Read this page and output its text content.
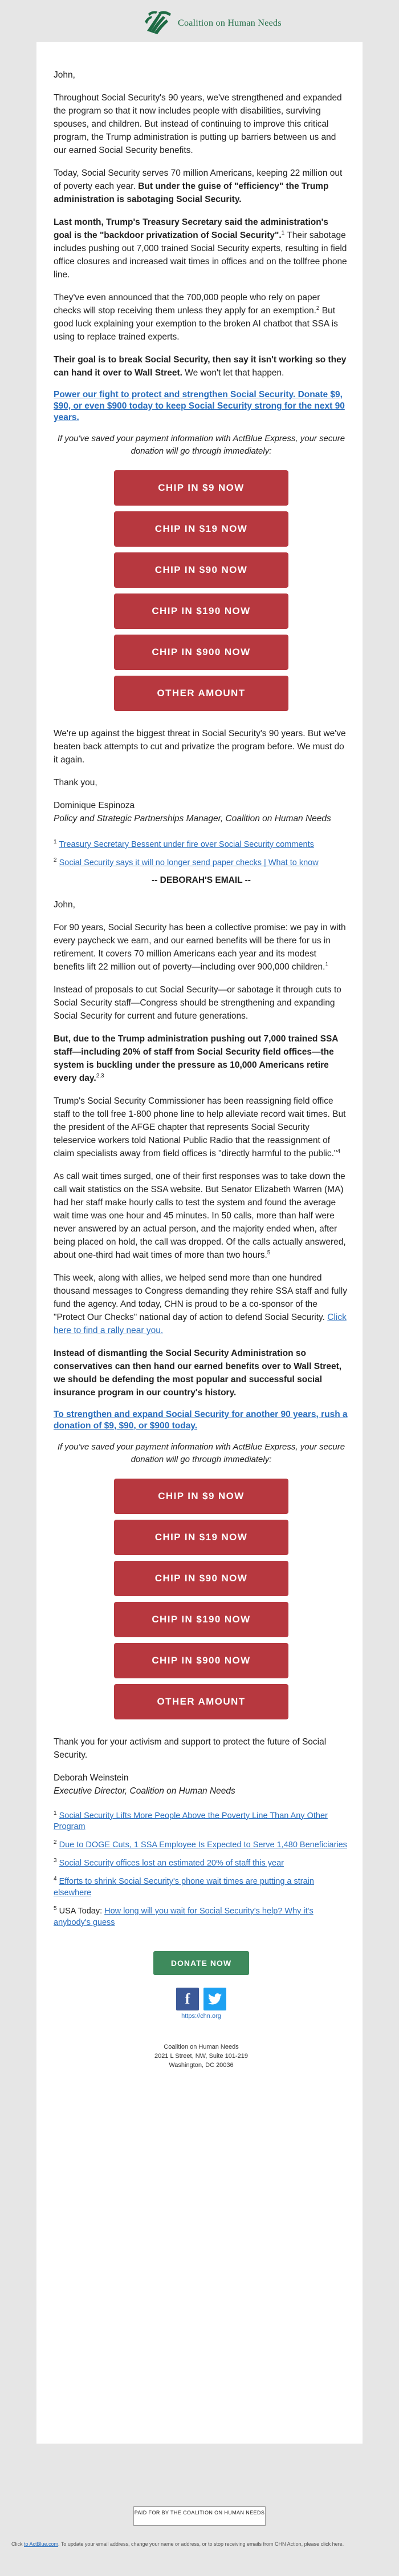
Coalition on Human Needs

John,

Throughout Social Security's 90 years, we've strengthened and expanded the program so that it now includes people with disabilities, surviving spouses, and children. But instead of continuing to improve this critical program, the Trump administration is putting up barriers between us and our earned Social Security benefits.

Today, Social Security serves 70 million Americans, keeping 22 million out of poverty each year. But under the guise of "efficiency" the Trump administration is sabotaging Social Security.

Last month, Trump's Treasury Secretary said the administration's goal is the "backdoor privatization of Social Security".$^1$ Their sabotage includes pushing out 7,000 trained Social Security experts, resulting in field office closures and increased wait times in offices and on the tollfree phone line.

They've even announced that the 700,000 people who rely on paper checks will stop receiving them unless they apply for an exemption.$^2$ But good luck explaining your exemption to the broken AI chatbot that SSA is using to replace trained experts.

Their goal is to break Social Security, then say it isn't working so they can hand it over to Wall Street. We won't let that happen.

Power our fight to protect and strengthen Social Security. Donate $9, $90, or even $900 today to keep Social Security strong for the next 90 years.
If you've saved your payment information with ActBlue Express, your secure donation will go through immediately:
CHIP IN $9 NOW
CHIP IN $19 NOW
CHIP IN $90 NOW
CHIP IN $190 NOW
CHIP IN $900 NOW
OTHER AMOUNT

We're up against the biggest threat in Social Security's 90 years. But we've beaten back attempts to cut and privatize the program before. We must do it again.

Thank you,

Dominique Espinoza
Policy and Strategic Partnerships Manager, Coalition on Human Needs
$^1$ Treasury Secretary Bessent under fire over Social Security comments
$^2$ Social Security says it will no longer send paper checks | What to know
-- DEBORAH'S EMAIL --

John,

For 90 years, Social Security has been a collective promise: we pay in with every paycheck we earn, and our earned benefits will be there for us in retirement. It covers 70 million Americans each year and its modest benefits lift 22 million out of poverty—including over 900,000 children.$^1$

Instead of proposals to cut Social Security—or sabotage it through cuts to Social Security staff—Congress should be strengthening and expanding Social Security for current and future generations.

But, due to the Trump administration pushing out 7,000 trained SSA staff—including 20% of staff from Social Security field offices—the system is buckling under the pressure as 10,000 Americans retire every day.$^{2,3}$

Trump's Social Security Commissioner has been reassigning field office staff to the toll free 1-800 phone line to help alleviate record wait times. But the president of the AFGE chapter that represents Social Security teleservice workers told National Public Radio that the reassignment of claim specialists away from field offices is "directly harmful to the public."$^4$

As call wait times surged, one of their first responses was to take down the call wait statistics on the SSA website. But Senator Elizabeth Warren (MA) had her staff make hourly calls to test the system and found the average wait time was one hour and 45 minutes. In 50 calls, more than half were never answered by an actual person, and the majority ended when, after being placed on hold, the call was dropped. Of the calls actually answered, about one-third had wait times of more than two hours.$^5$

This week, along with allies, we helped send more than one hundred thousand messages to Congress demanding they rehire SSA staff and fully fund the agency. And today, CHN is proud to be a co-sponsor of the "Protect Our Checks" national day of action to defend Social Security. Click here to find a rally near you.

Instead of dismantling the Social Security Administration so conservatives can then hand our earned benefits over to Wall Street, we should be defending the most popular and successful social insurance program in our country's history.

To strengthen and expand Social Security for another 90 years, rush a donation of $9, $90, or $900 today.
If you've saved your payment information with ActBlue Express, your secure donation will go through immediately:
CHIP IN $9 NOW
CHIP IN $19 NOW
CHIP IN $90 NOW
CHIP IN $190 NOW
CHIP IN $900 NOW
OTHER AMOUNT

Thank you for your activism and support to protect the future of Social Security.

Deborah Weinstein
Executive Director, Coalition on Human Needs
$^1$ Social Security Lifts More People Above the Poverty Line Than Any Other Program
$^2$ Due to DOGE Cuts, 1 SSA Employee Is Expected to Serve 1,480 Beneficiaries
$^3$ Social Security offices lost an estimated 20% of staff this year
$^4$ Efforts to shrink Social Security's phone wait times are putting a strain elsewhere
$^5$ USA Today: How long will you wait for Social Security's help? Why it's anybody's guess
DONATE NOW
f
https://chn.org
Coalition on Human Needs
2021 L Street, NW, Suite 101-219
Washington, DC 20036
PAID FOR BY THE COALITION ON HUMAN NEEDS
Click to ActBlue.com. To update your email address, change your name or address, or to stop receiving emails from CHN Action, please click here.
